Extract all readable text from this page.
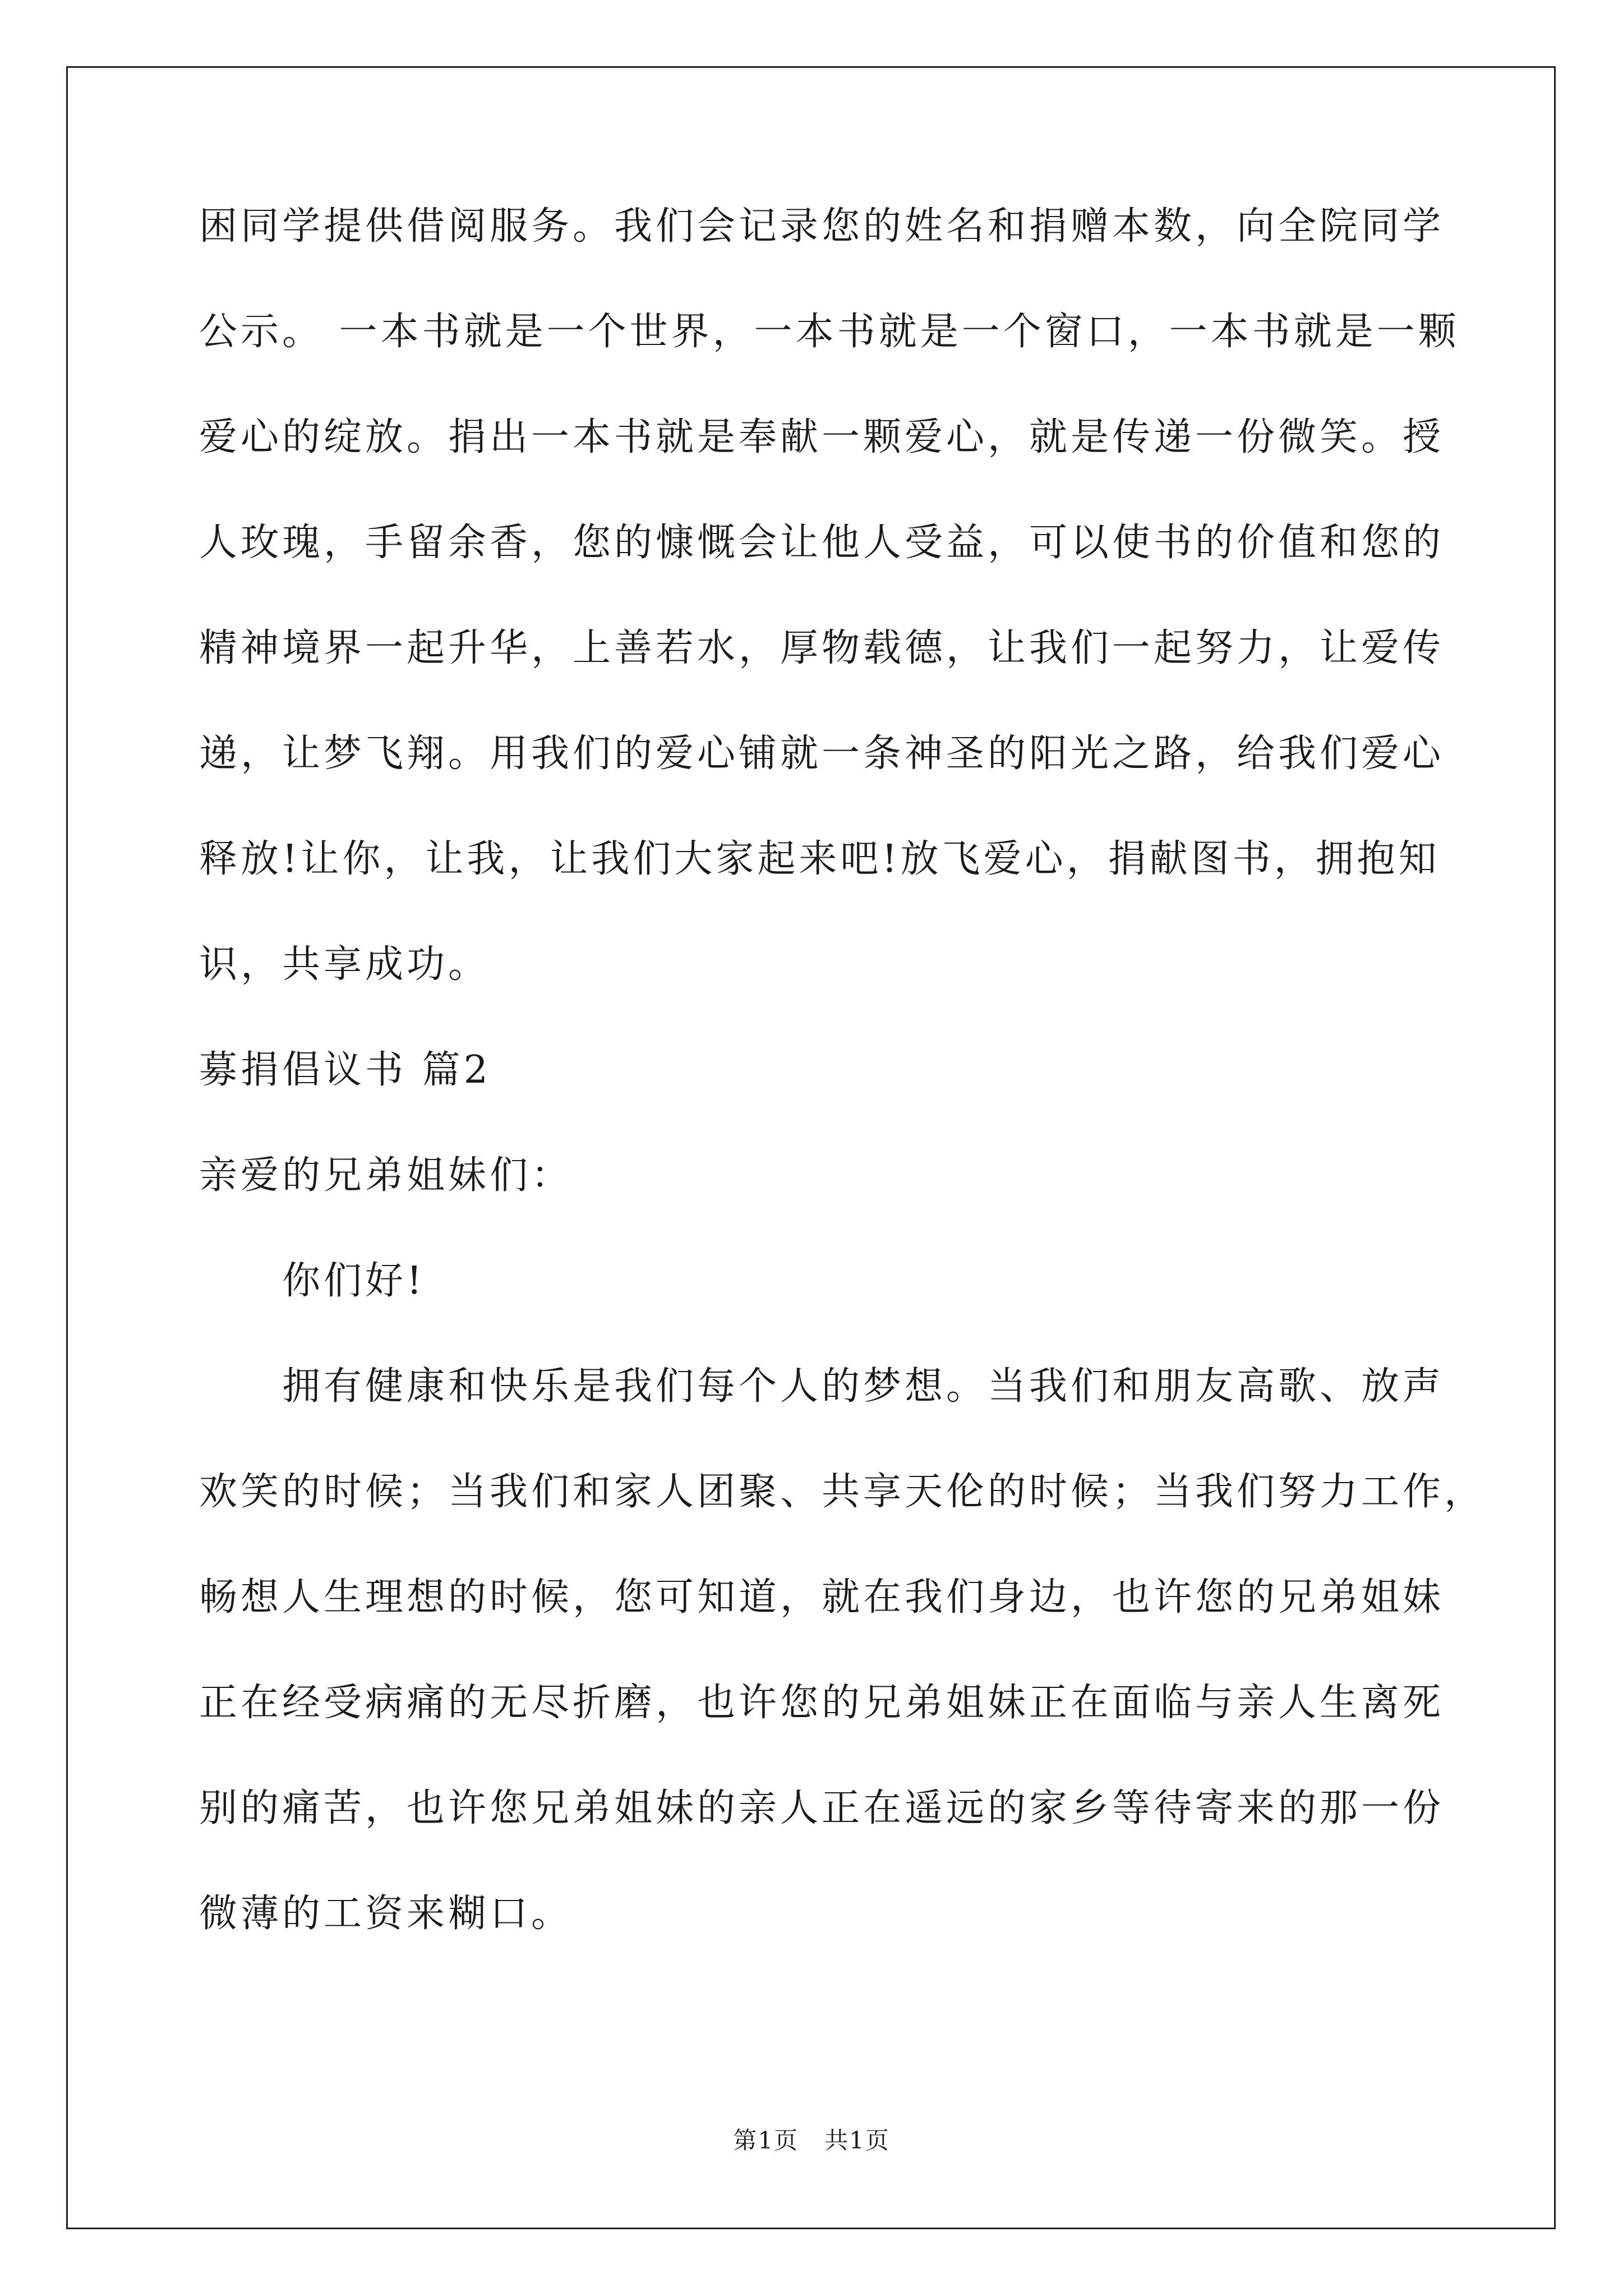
困同学提供借阅服务。我们会记录您的姓名和捐赠本数，向全院同学
公示。 一本书就是一个世界，一本书就是一个窗口，一本书就是一颗
爱心的绽放。捐出一本书就是奉献一颗爱心，就是传递一份微笑。授
人玫瑰，手留余香，您的慷慨会让他人受益，可以使书的价值和您的
精神境界一起升华，上善若水，厚物载德，让我们一起努力，让爱传
递，让梦飞翔。用我们的爱心铺就一条神圣的阳光之路，给我们爱心
释放!让你，让我，让我们大家起来吧!放飞爱心，捐献图书，拥抱知
识，共享成功。
募捐倡议书 篇2
亲爱的兄弟姐妹们：
你们好!
拥有健康和快乐是我们每个人的梦想。当我们和朋友高歌、放声
欢笑的时候；当我们和家人团聚、共享天伦的时候；当我们努力工作，
畅想人生理想的时候，您可知道，就在我们身边，也许您的兄弟姐妹
正在经受病痛的无尽折磨，也许您的兄弟姐妹正在面临与亲人生离死
别的痛苦，也许您兄弟姐妹的亲人正在遥远的家乡等待寄来的那一份
微薄的工资来糊口。
第1页   共1页
